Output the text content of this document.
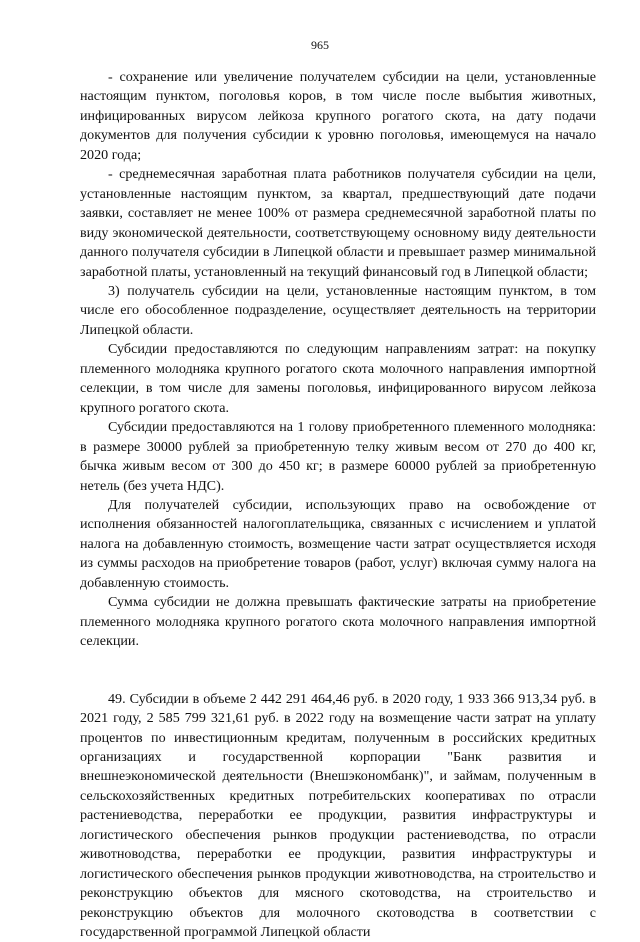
965

- сохранение или увеличение получателем субсидии на цели, установленные настоящим пунктом, поголовья коров, в том числе после выбытия животных, инфицированных вирусом лейкоза крупного рогатого скота, на дату подачи документов для получения субсидии к уровню поголовья, имеющемуся на начало 2020 года;

- среднемесячная заработная плата работников получателя субсидии на цели, установленные настоящим пунктом, за квартал, предшествующий дате подачи заявки, составляет не менее 100% от размера среднемесячной заработной платы по виду экономической деятельности, соответствующему основному виду деятельности данного получателя субсидии в Липецкой области и превышает размер минимальной заработной платы, установленный на текущий финансовый год в Липецкой области;

3) получатель субсидии на цели, установленные настоящим пунктом, в том числе его обособленное подразделение, осуществляет деятельность на территории Липецкой области.

Субсидии предоставляются по следующим направлениям затрат: на покупку племенного молодняка крупного рогатого скота молочного направления импортной селекции, в том числе для замены поголовья, инфицированного вирусом лейкоза крупного рогатого скота.

Субсидии предоставляются на 1 голову приобретенного племенного молодняка: в размере 30000 рублей за приобретенную телку живым весом от 270 до 400 кг, бычка живым весом от 300 до 450 кг; в размере 60000 рублей за приобретенную нетель (без учета НДС).

Для получателей субсидии, использующих право на освобождение от исполнения обязанностей налогоплательщика, связанных с исчислением и уплатой налога на добавленную стоимость, возмещение части затрат осуществляется исходя из суммы расходов на приобретение товаров (работ, услуг) включая сумму налога на добавленную стоимость.

Сумма субсидии не должна превышать фактические затраты на приобретение племенного молодняка крупного рогатого скота молочного направления импортной селекции.

49. Субсидии в объеме 2 442 291 464,46 руб. в 2020 году, 1 933 366 913,34 руб. в 2021 году, 2 585 799 321,61 руб. в 2022 году на возмещение части затрат на уплату процентов по инвестиционным кредитам, полученным в российских кредитных организациях и государственной корпорации "Банк развития и внешнеэкономической деятельности (Внешэкономбанк)", и займам, полученным в сельскохозяйственных кредитных потребительских кооперативах по отрасли растениеводства, переработки ее продукции, развития инфраструктуры и логистического обеспечения рынков продукции растениеводства, по отрасли животноводства, переработки ее продукции, развития инфраструктуры и логистического обеспечения рынков продукции животноводства, на строительство и реконструкцию объектов для мясного скотоводства, на строительство и реконструкцию объектов для молочного скотоводства в соответствии с государственной программой Липецкой области
